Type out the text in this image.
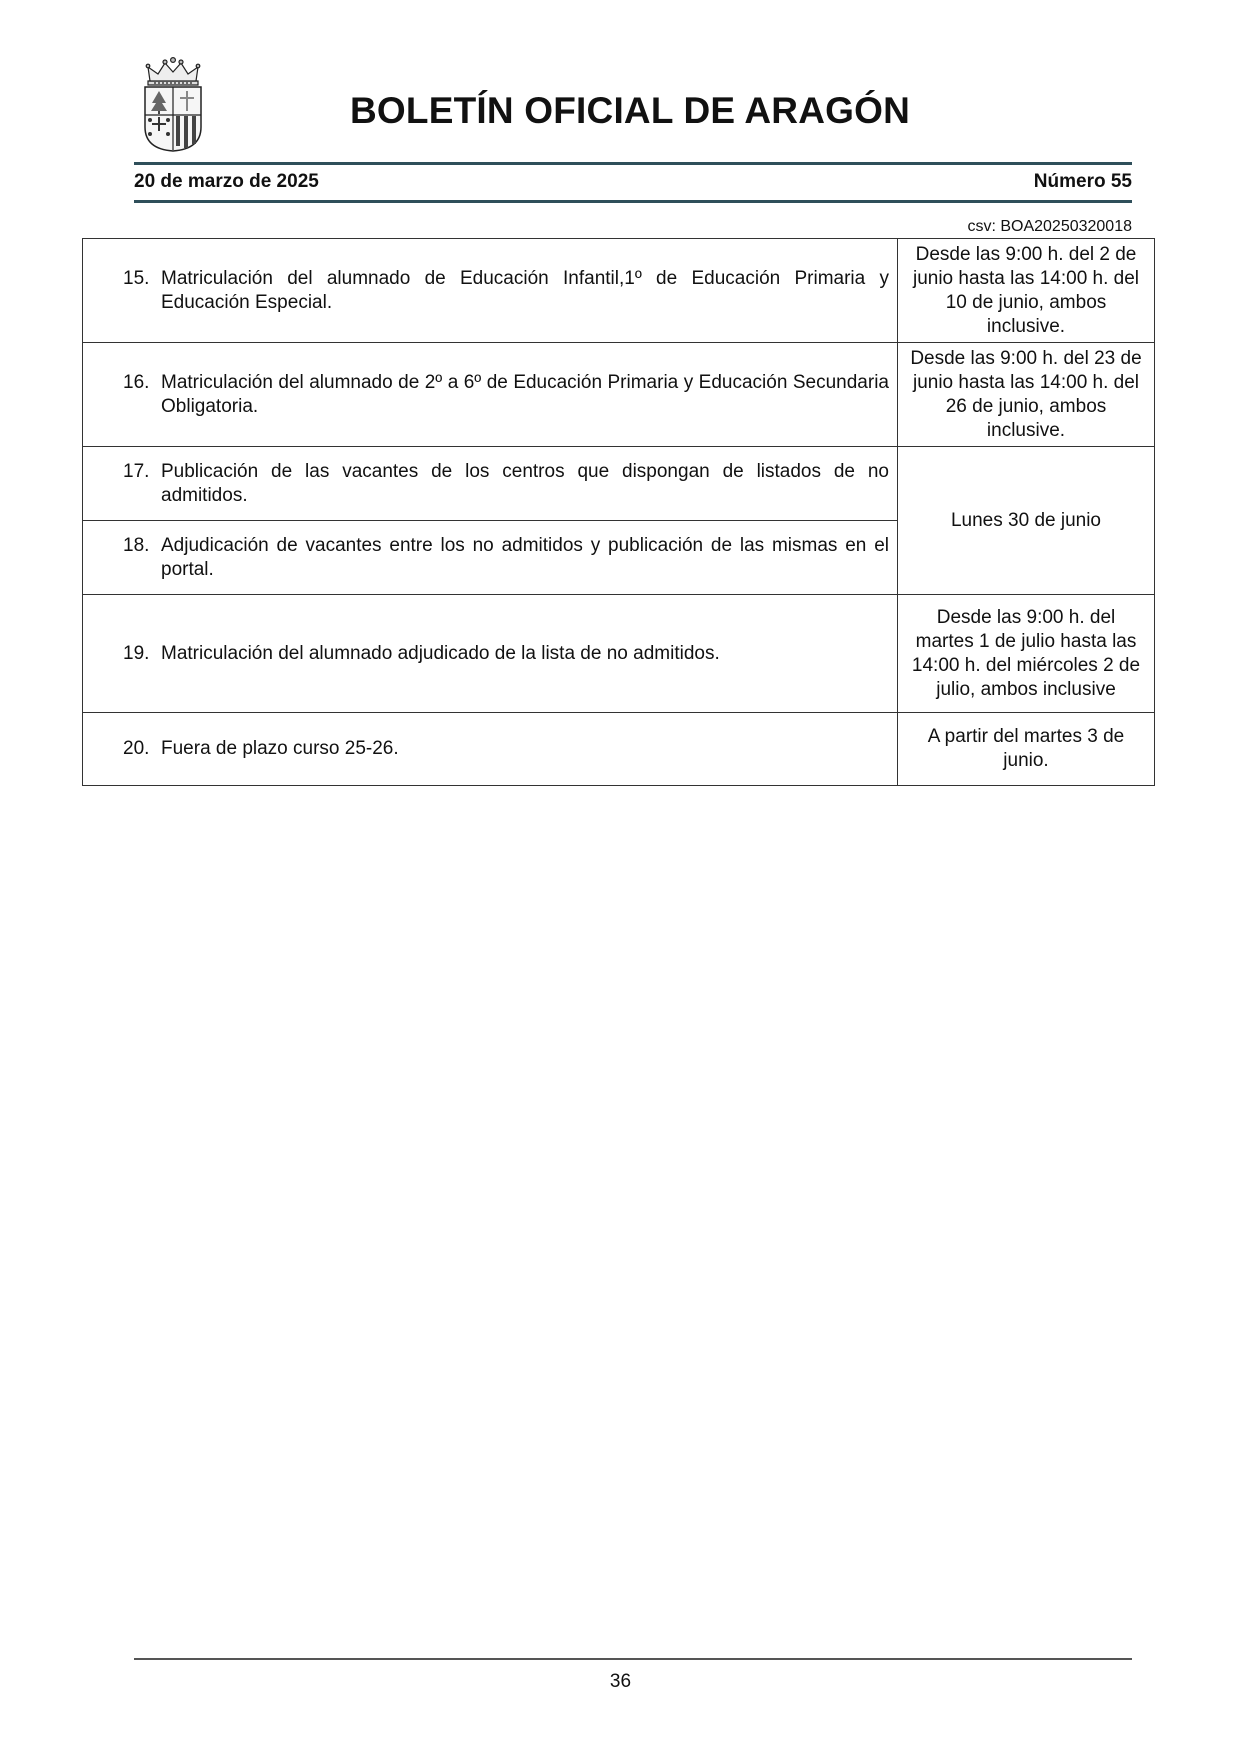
BOLETÍN OFICIAL DE ARAGÓN
20 de marzo de 2025	Número 55
csv: BOA20250320018
15. Matriculación del alumnado de Educación Infantil,1º de Educación Primaria y Educación Especial.	Desde las 9:00 h. del 2 de junio hasta las 14:00 h. del 10 de junio, ambos inclusive.

16. Matriculación del alumnado de 2º a 6º de Educación Primaria y Educación Secundaria Obligatoria.	Desde las 9:00 h. del 23 de junio hasta las 14:00 h. del 26 de junio, ambos inclusive.

17. Publicación de las vacantes de los centros que dispongan de listados de no admitidos.	Lunes 30 de junio

18. Adjudicación de vacantes entre los no admitidos y publicación de las mismas en el portal.	

19. Matriculación del alumnado adjudicado de la lista de no admitidos.	Desde las 9:00 h. del martes 1 de julio hasta las 14:00 h. del miércoles 2 de julio, ambos inclusive

20. Fuera de plazo curso 25-26.	A partir del martes 3 de junio.
36
